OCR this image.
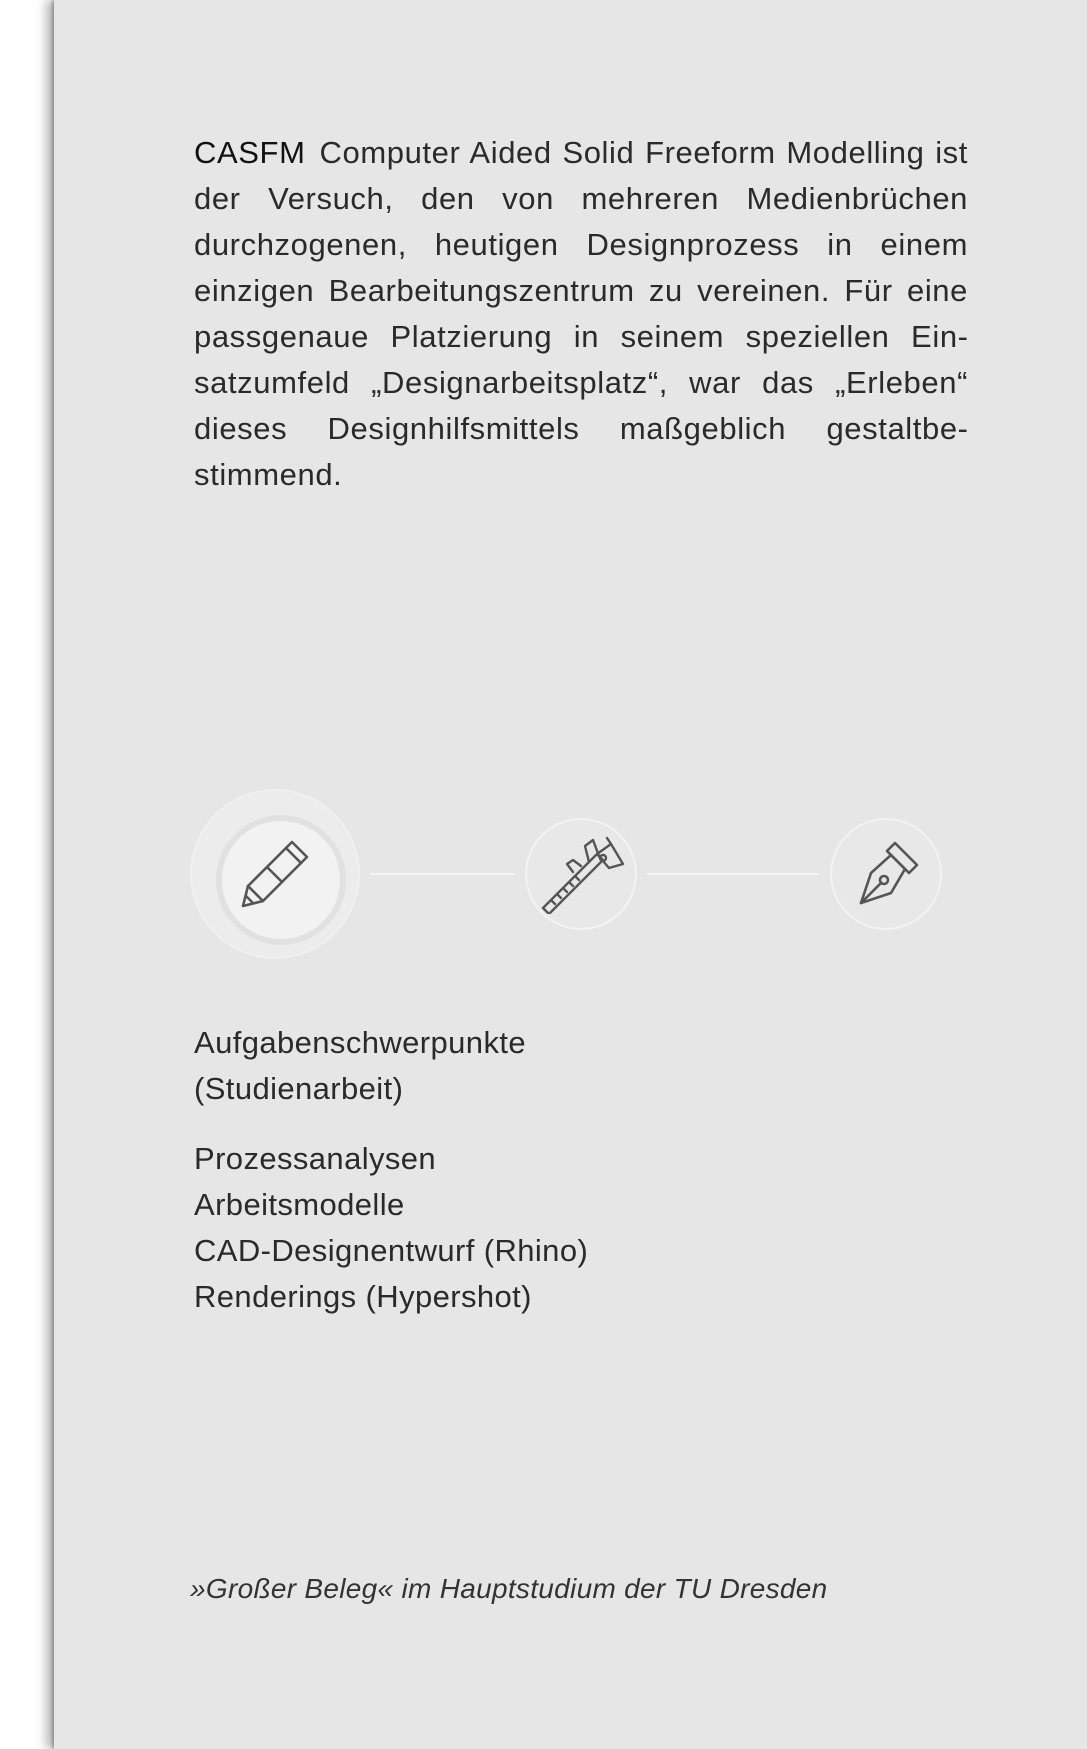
CASFM Computer Aided Solid Freeform Modelling ist der Versuch, den von mehreren Medienbrüchen durchzogenen, heutigen Designprozess in einem einzigen Bearbeitungszentrum zu vereinen. Für eine passgenaue Platzierung in seinem speziellen Einsatzumfeld „Designarbeitsplatz“, war das „Erleben“ dieses Designhilfsmittels maßgeblich gestaltbestimmend.

Aufgabenschwerpunkte
(Studienarbeit)
Prozessanalysen
Arbeitsmodelle
CAD-Designentwurf (Rhino)
Renderings (Hypershot)
»Großer Beleg« im Hauptstudium der TU Dresden
